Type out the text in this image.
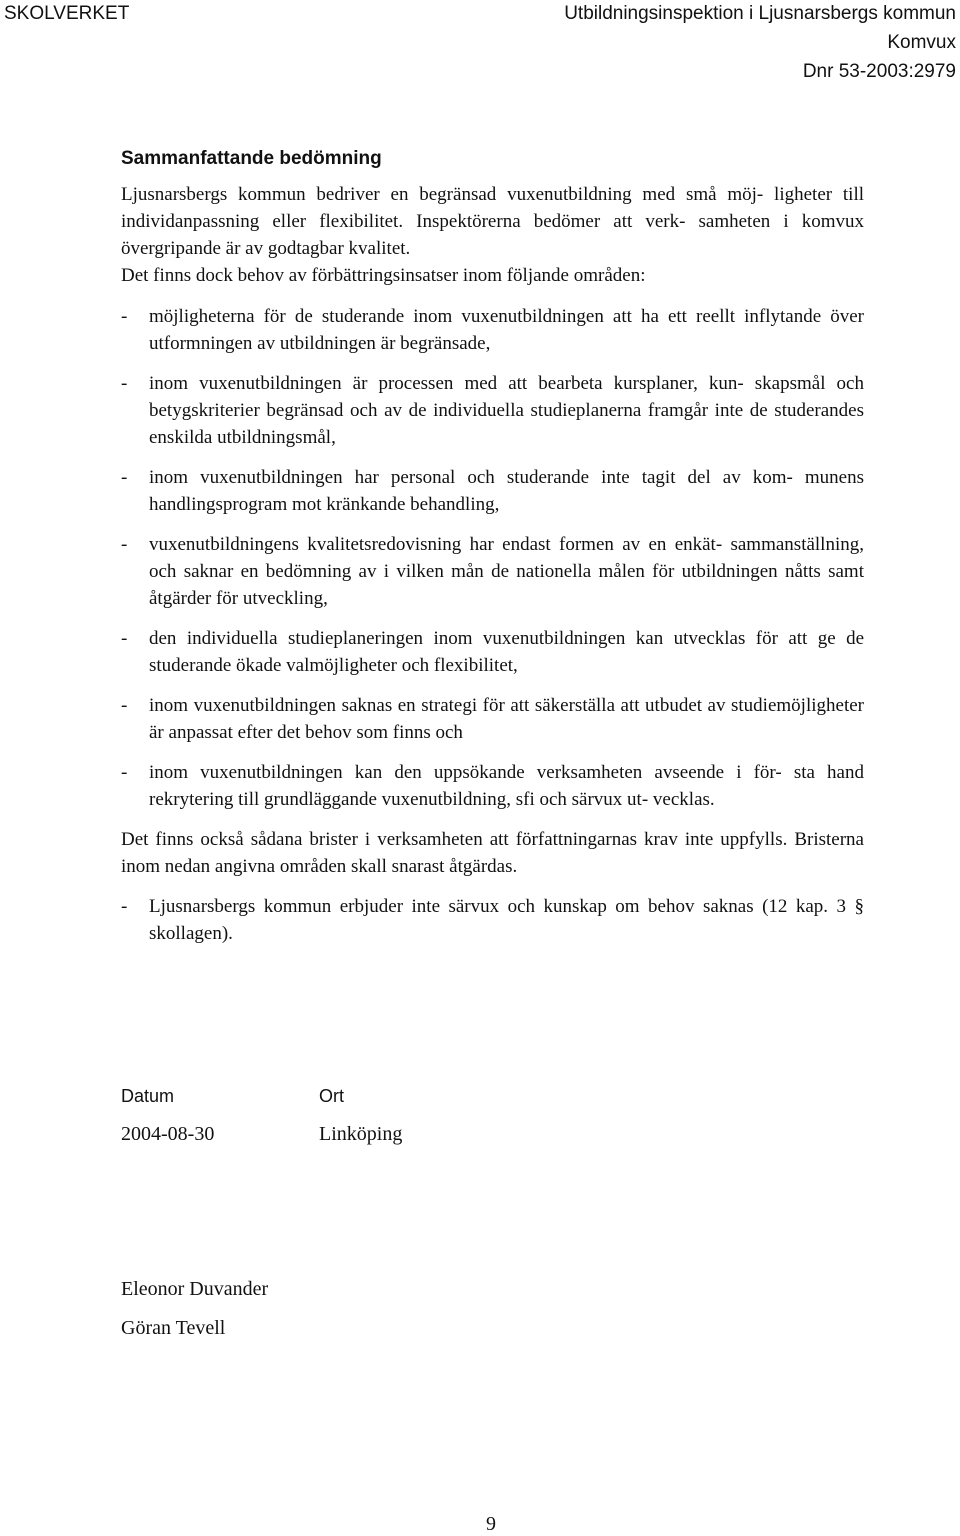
SKOLVERKET	Utbildningsinspektion i Ljusnarsbergs kommun
Komvux
Dnr 53-2003:2979
Sammanfattande bedömning

Ljusnarsbergs kommun bedriver en begränsad vuxenutbildning med små möj- ligheter till individanpassning eller flexibilitet. Inspektörerna bedömer att verk- samheten i komvux övergripande är av godtagbar kvalitet.

Det finns dock behov av förbättringsinsatser inom följande områden:

- möjligheterna för de studerande inom vuxenutbildningen att ha ett reellt inflytande över utformningen av utbildningen är begränsade,
- inom vuxenutbildningen är processen med att bearbeta kursplaner, kun- skapsmål och betygskriterier begränsad och av de individuella studieplanerna framgår inte de studerandes enskilda utbildningsmål,
- inom vuxenutbildningen har personal och studerande inte tagit del av kom- munens handlingsprogram mot kränkande behandling,
- vuxenutbildningens kvalitetsredovisning har endast formen av en enkät- sammanställning, och saknar en bedömning av i vilken mån de nationella målen för utbildningen nåtts samt åtgärder för utveckling,
- den individuella studieplaneringen inom vuxenutbildningen kan utvecklas för att ge de studerande ökade valmöjligheter och flexibilitet,
- inom vuxenutbildningen saknas en strategi för att säkerställa att utbudet av studiemöjligheter är anpassat efter det behov som finns och
- inom vuxenutbildningen kan den uppsökande verksamheten avseende i för- sta hand rekrytering till grundläggande vuxenutbildning, sfi och särvux ut- vecklas.

Det finns också sådana brister i verksamheten att författningarnas krav inte uppfylls. Bristerna inom nedan angivna områden skall snarast åtgärdas.

- Ljusnarsbergs kommun erbjuder inte särvux och kunskap om behov saknas (12 kap. 3 § skollagen).
Datum	Ort
2004-08-30	Linköping
Eleonor Duvander
Göran Tevell
9
